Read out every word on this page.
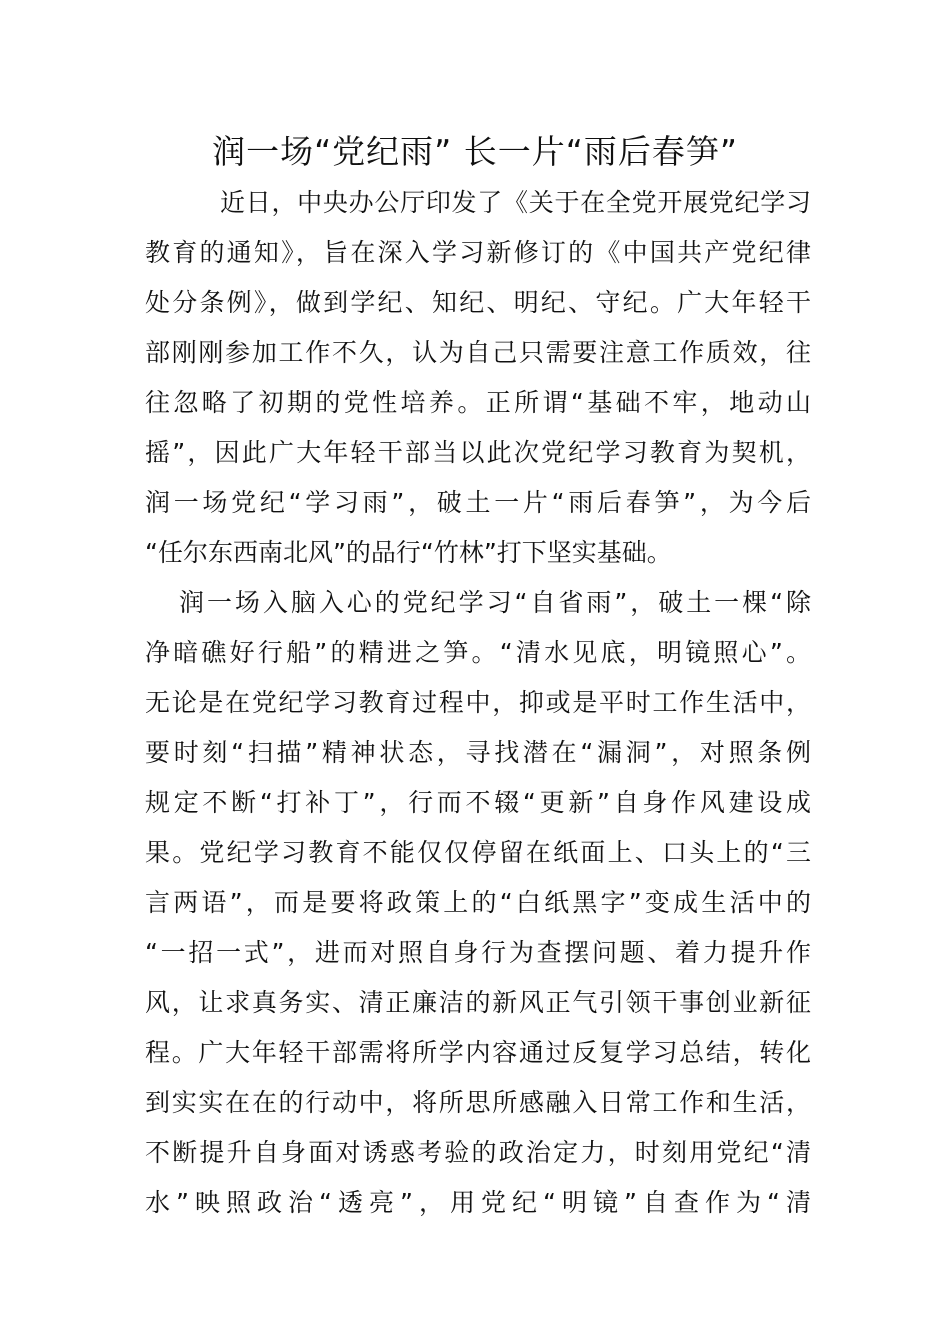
润一场“党纪雨” 长一片“雨后春笋”
近日，中央办公厅印发了《关于在全党开展党纪学习
教育的通知》，旨在深入学习新修订的《中国共产党纪律
处分条例》，做到学纪、知纪、明纪、守纪。广大年轻干
部刚刚参加工作不久，认为自己只需要注意工作质效，往
往忽略了初期的党性培养。正所谓“基础不牢，地动山
摇”，因此广大年轻干部当以此次党纪学习教育为契机，
润一场党纪“学习雨”，破土一片“雨后春笋”，为今后
“任尔东西南北风”的品行“竹林”打下坚实基础。
润一场入脑入心的党纪学习“自省雨”，破土一棵“除
净暗礁好行船”的精进之笋。“清水见底，明镜照心”。
无论是在党纪学习教育过程中，抑或是平时工作生活中，
要时刻“扫描”精神状态，寻找潜在“漏洞”，对照条例
规定不断“打补丁”，行而不辍“更新”自身作风建设成
果。党纪学习教育不能仅仅停留在纸面上、口头上的“三
言两语”，而是要将政策上的“白纸黑字”变成生活中的
“一招一式”，进而对照自身行为查摆问题、着力提升作
风，让求真务实、清正廉洁的新风正气引领干事创业新征
程。广大年轻干部需将所学内容通过反复学习总结，转化
到实实在在的行动中，将所思所感融入日常工作和生活，
不断提升自身面对诱惑考验的政治定力，时刻用党纪“清
水”映照政治“透亮”，用党纪“明镜”自查作为“清
